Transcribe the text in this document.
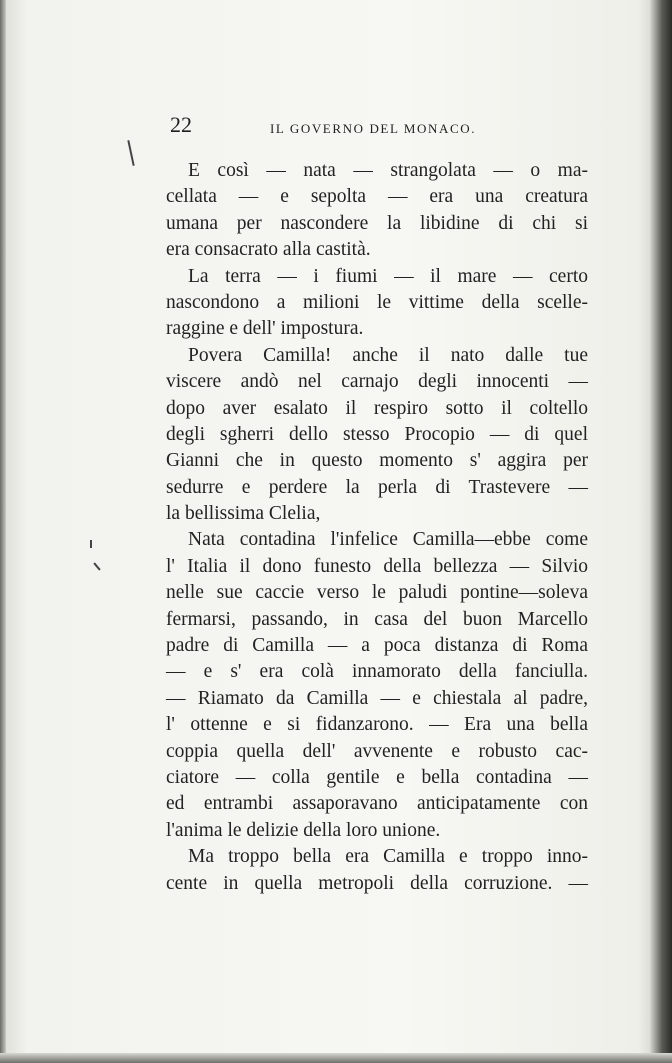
22	IL GOVERNO DEL MONACO.
E così — nata — strangolata — o ma-
cellata — e sepolta — era una creatura
umana per nascondere la libidine di chi si
era consacrato alla castità.
La terra — i fiumi — il mare — certo
nascondono a milioni le vittime della scelle-
raggine e dell' impostura.
Povera Camilla! anche il nato dalle tue
viscere andò nel carnajo degli innocenti —
dopo aver esalato il respiro sotto il coltello
degli sgherri dello stesso Procopio — di quel
Gianni che in questo momento s' aggira per
sedurre e perdere la perla di Trastevere —
la bellissima Clelia,
Nata contadina l'infelice Camilla—ebbe come
l' Italia il dono funesto della bellezza — Silvio
nelle sue caccie verso le paludi pontine—soleva
fermarsi, passando, in casa del buon Marcello
padre di Camilla — a poca distanza di Roma
— e s' era colà innamorato della fanciulla.
— Riamato da Camilla — e chiestala al padre,
l' ottenne e si fidanzarono. — Era una bella
coppia quella dell' avvenente e robusto cac-
ciatore — colla gentile e bella contadina —
ed entrambi assaporavano anticipatamente con
l'anima le delizie della loro unione.
Ma troppo bella era Camilla e troppo inno-
cente in quella metropoli della corruzione. —
